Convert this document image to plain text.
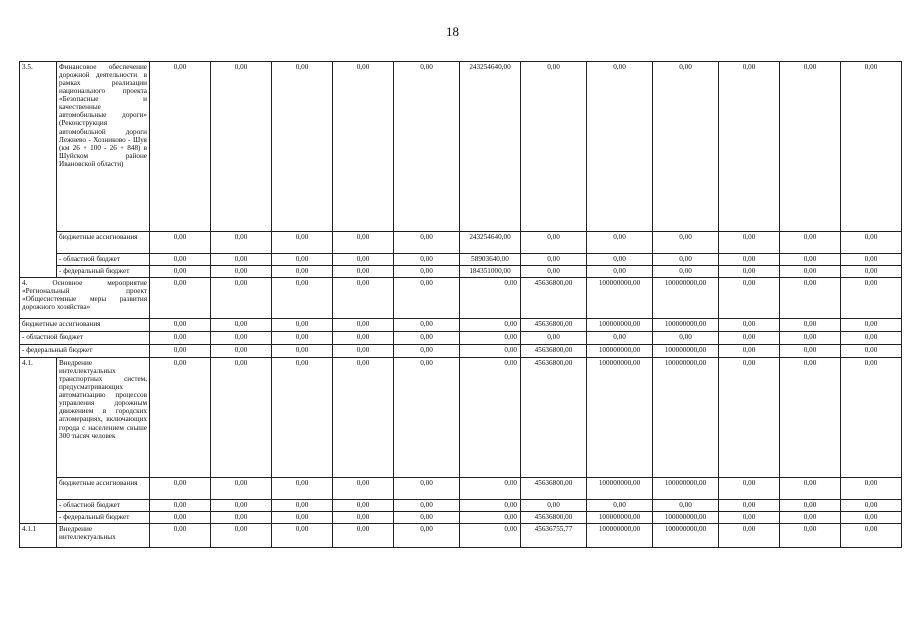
18
3.5.	Финансовое обеспечение дорожной деятельности в рамках реализации национального проекта «Безопасные и качественные автомобильные дороги» (Реконструкция автомобильной дороги Лежнево - Хозниково - Шуя (км 26 + 100 - 26 + 848) в Шуйском районе Ивановской области)	0,00	0,00	0,00	0,00	0,00	243254640,00	0,00	0,00	0,00	0,00	0,00	0,00
	бюджетные ассигнования	0,00	0,00	0,00	0,00	0,00	243254640,00	0,00	0,00	0,00	0,00	0,00	0,00
	- областной бюджет	0,00	0,00	0,00	0,00	0,00	58903640,00	0,00	0,00	0,00	0,00	0,00	0,00
	- федеральный бюджет	0,00	0,00	0,00	0,00	0,00	184351000,00	0,00	0,00	0,00	0,00	0,00	0,00
4. Основное мероприятие «Региональный проект «Общесистемные меры развития дорожного хозяйства»		0,00	0,00	0,00	0,00	0,00	0,00	45636800,00	100000000,00	100000000,00	0,00	0,00	0,00
бюджетные ассигнования		0,00	0,00	0,00	0,00	0,00	0,00	45636800,00	100000000,00	100000000,00	0,00	0,00	0,00
- областной бюджет		0,00	0,00	0,00	0,00	0,00	0,00	0,00	0,00	0,00	0,00	0,00	0,00
- федеральный бюджет		0,00	0,00	0,00	0,00	0,00	0,00	45636800,00	100000000,00	100000000,00	0,00	0,00	0,00
4.1.	Внедрение интеллектуальных транспортных систем, предусматривающих автоматизацию процессов управления дорожным движением в городских агломерациях, включающих города с населением свыше 300 тысяч человек	0,00	0,00	0,00	0,00	0,00	0,00	45636800,00	100000000,00	100000000,00	0,00	0,00	0,00
	бюджетные ассигнования	0,00	0,00	0,00	0,00	0,00	0,00	45636800,00	100000000,00	100000000,00	0,00	0,00	0,00
	- областной бюджет	0,00	0,00	0,00	0,00	0,00	0,00	0,00	0,00	0,00	0,00	0,00	0,00
	- федеральный бюджет	0,00	0,00	0,00	0,00	0,00	0,00	45636800,00	100000000,00	100000000,00	0,00	0,00	0,00
4.1.1	Внедрение интеллектуальных	0,00	0,00	0,00	0,00	0,00	0,00	45636755,77	100000000,00	100000000,00	0,00	0,00	0,00
